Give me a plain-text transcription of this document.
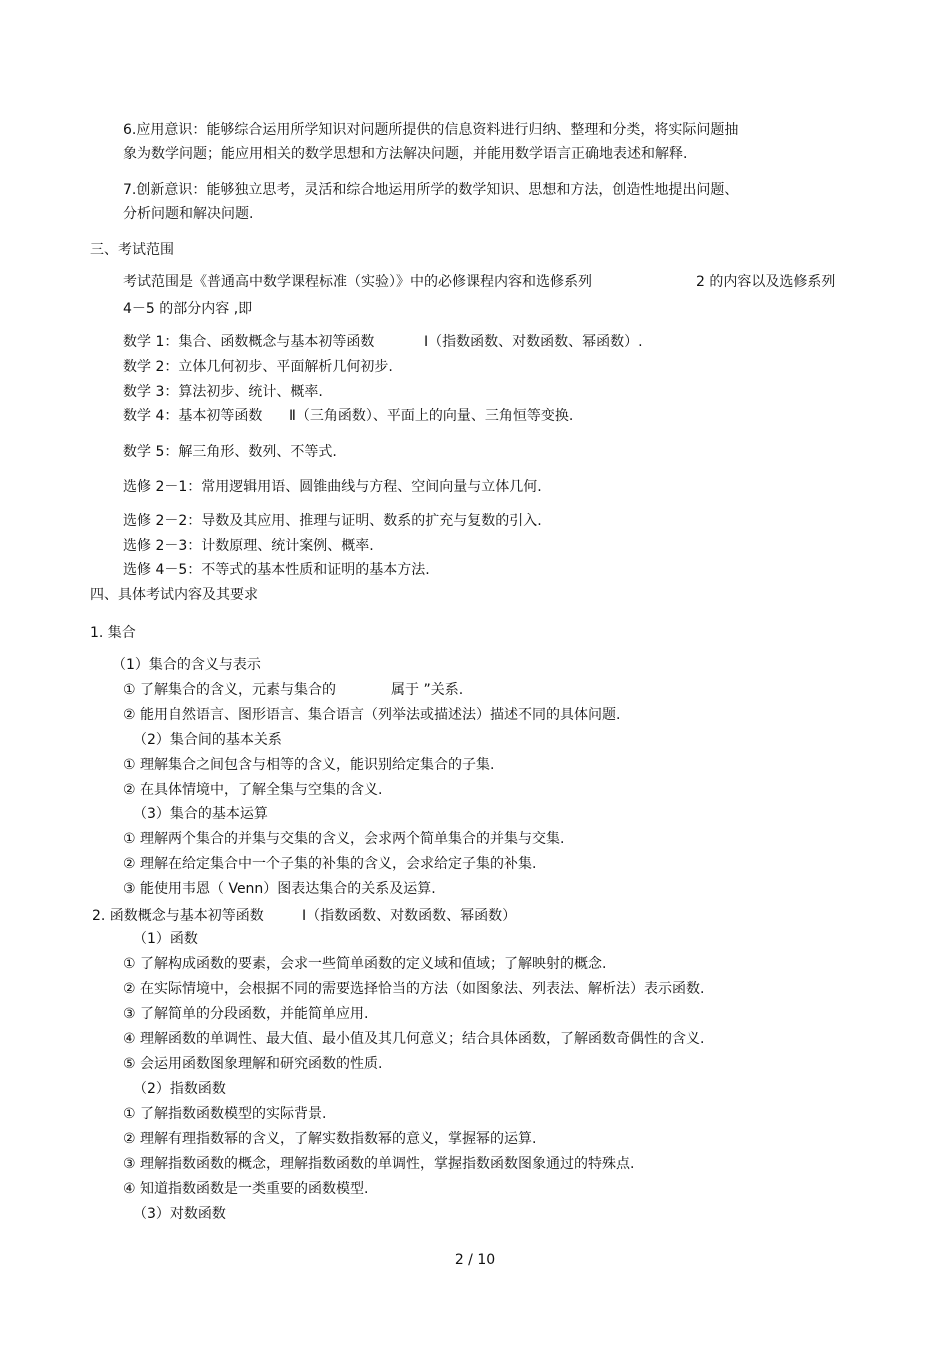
6.应用意识：能够综合运用所学知识对问题所提供的信息资料进行归纳、整理和分类，将实际问题抽
象为数学问题；能应用相关的数学思想和方法解决问题，并能用数学语言正确地表述和解释.
7.创新意识：能够独立思考，灵活和综合地运用所学的数学知识、思想和方法，创造性地提出问题、
分析问题和解决问题.
三、考试范围
考试范围是《普通高中数学课程标准（实验）》中的必修课程内容和选修系列	2 的内容以及选修系列
4－5 的部分内容 ,即
数学 1：集合、函数概念与基本初等函数	Ⅰ（指数函数、对数函数、幂函数）.
数学 2：立体几何初步、平面解析几何初步.
数学 3：算法初步、统计、概率.
数学 4：基本初等函数 Ⅱ（三角函数）、平面上的向量、三角恒等变换.
数学 5：解三角形、数列、不等式.
选修 2－1：常用逻辑用语、圆锥曲线与方程、空间向量与立体几何.
选修 2－2：导数及其应用、推理与证明、数系的扩充与复数的引入.
选修 2－3：计数原理、统计案例、概率.
选修 4－5：不等式的基本性质和证明的基本方法.
四、具体考试内容及其要求
1. 集合
（1）集合的含义与表示
① 了解集合的含义，元素与集合的	属于 ”关系.
② 能用自然语言、图形语言、集合语言（列举法或描述法）描述不同的具体问题.
（2）集合间的基本关系
① 理解集合之间包含与相等的含义，能识别给定集合的子集.
② 在具体情境中，了解全集与空集的含义.
（3）集合的基本运算
① 理解两个集合的并集与交集的含义，会求两个简单集合的并集与交集.
② 理解在给定集合中一个子集的补集的含义，会求给定子集的补集.
③ 能使用韦恩（ Venn）图表达集合的关系及运算.
2. 函数概念与基本初等函数	Ⅰ（指数函数、对数函数、幂函数）
（1）函数
① 了解构成函数的要素，会求一些简单函数的定义域和值域；了解映射的概念.
② 在实际情境中，会根据不同的需要选择恰当的方法（如图象法、列表法、解析法）表示函数.
③ 了解简单的分段函数，并能简单应用.
④ 理解函数的单调性、最大值、最小值及其几何意义；结合具体函数，了解函数奇偶性的含义.
⑤ 会运用函数图象理解和研究函数的性质.
（2）指数函数
① 了解指数函数模型的实际背景.
② 理解有理指数幂的含义，了解实数指数幂的意义，掌握幂的运算.
③ 理解指数函数的概念，理解指数函数的单调性，掌握指数函数图象通过的特殊点.
④ 知道指数函数是一类重要的函数模型.
（3）对数函数
2 / 10
